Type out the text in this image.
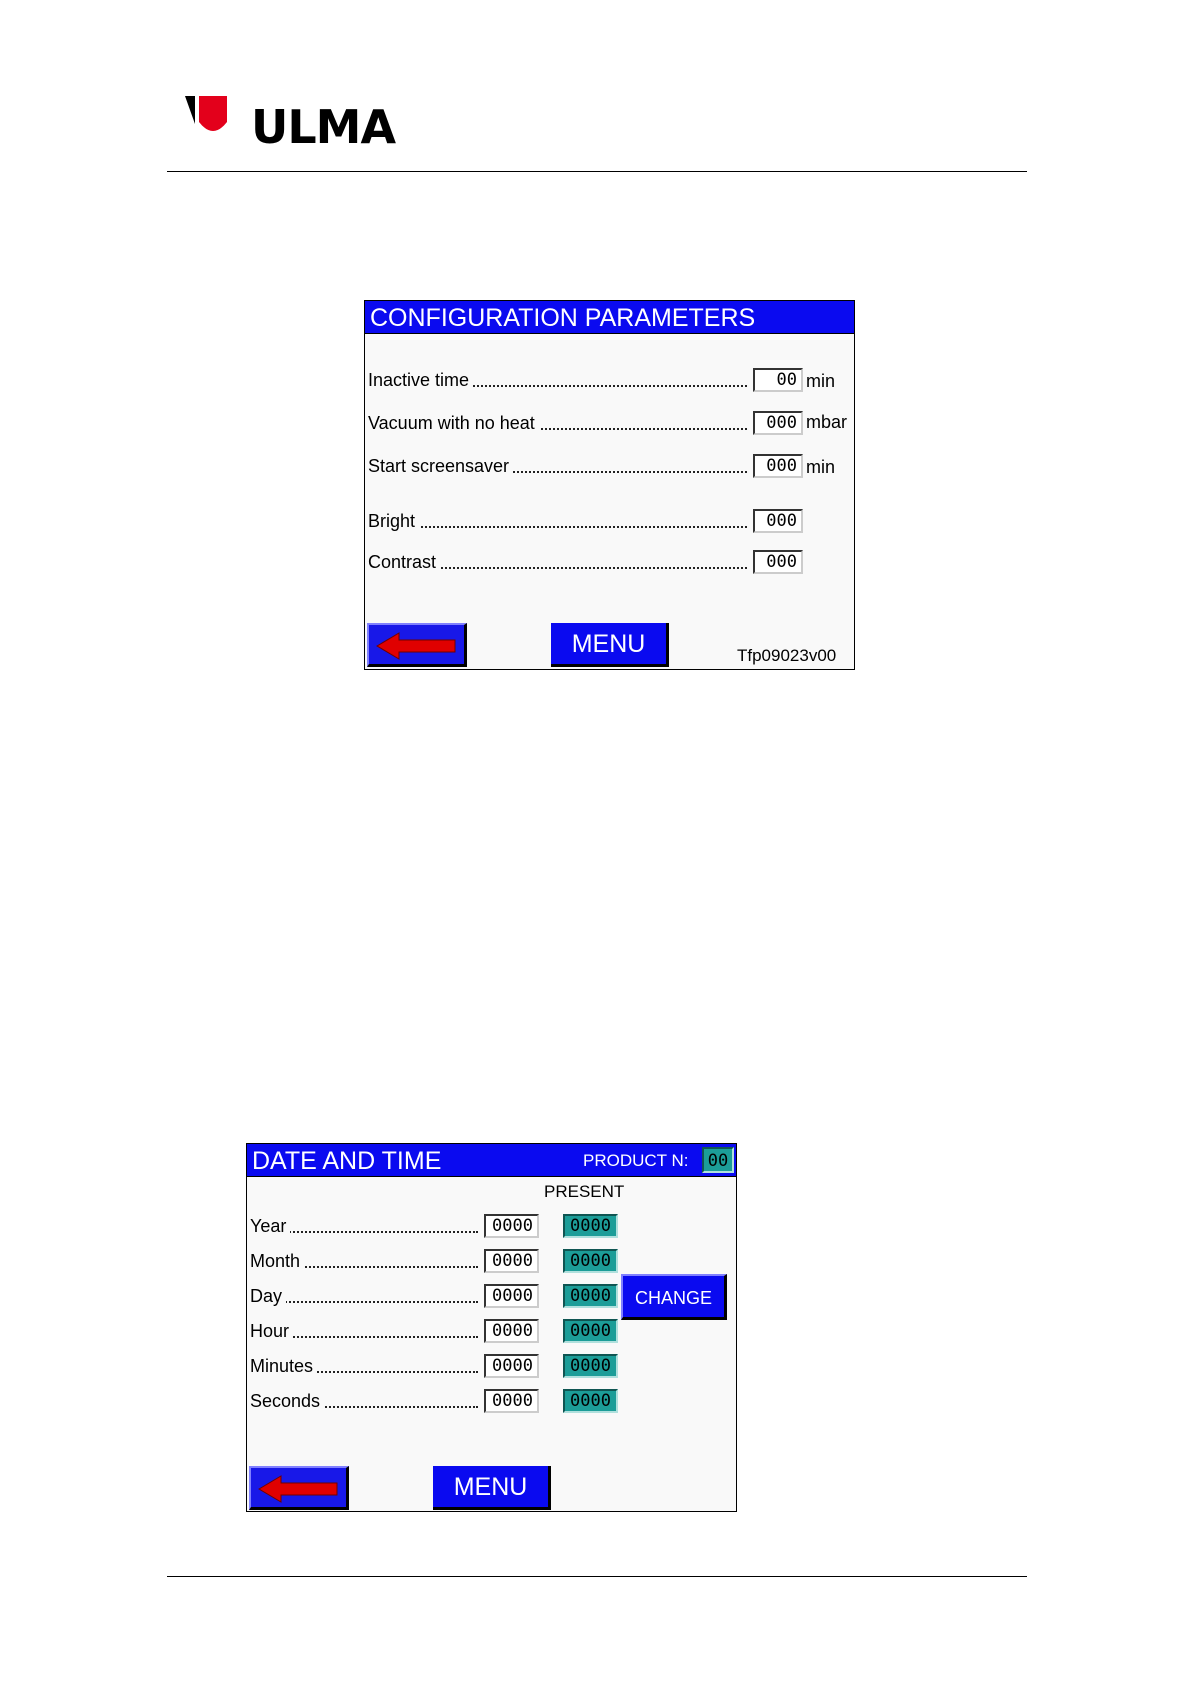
ULMA
CONFIGURATION PARAMETERS
Inactive time	00 min
Vacuum with no heat	000 mbar
Start screensaver	000 min
Bright	000
Contrast	000
MENU	Tfp09023v00
DATE AND TIME	PRODUCT N:	00
PRESENT
Year	0000	0000
Month	0000	0000
Day	0000	0000
Hour	0000	0000
Minutes	0000	0000
Seconds	0000	0000
CHANGE
MENU
